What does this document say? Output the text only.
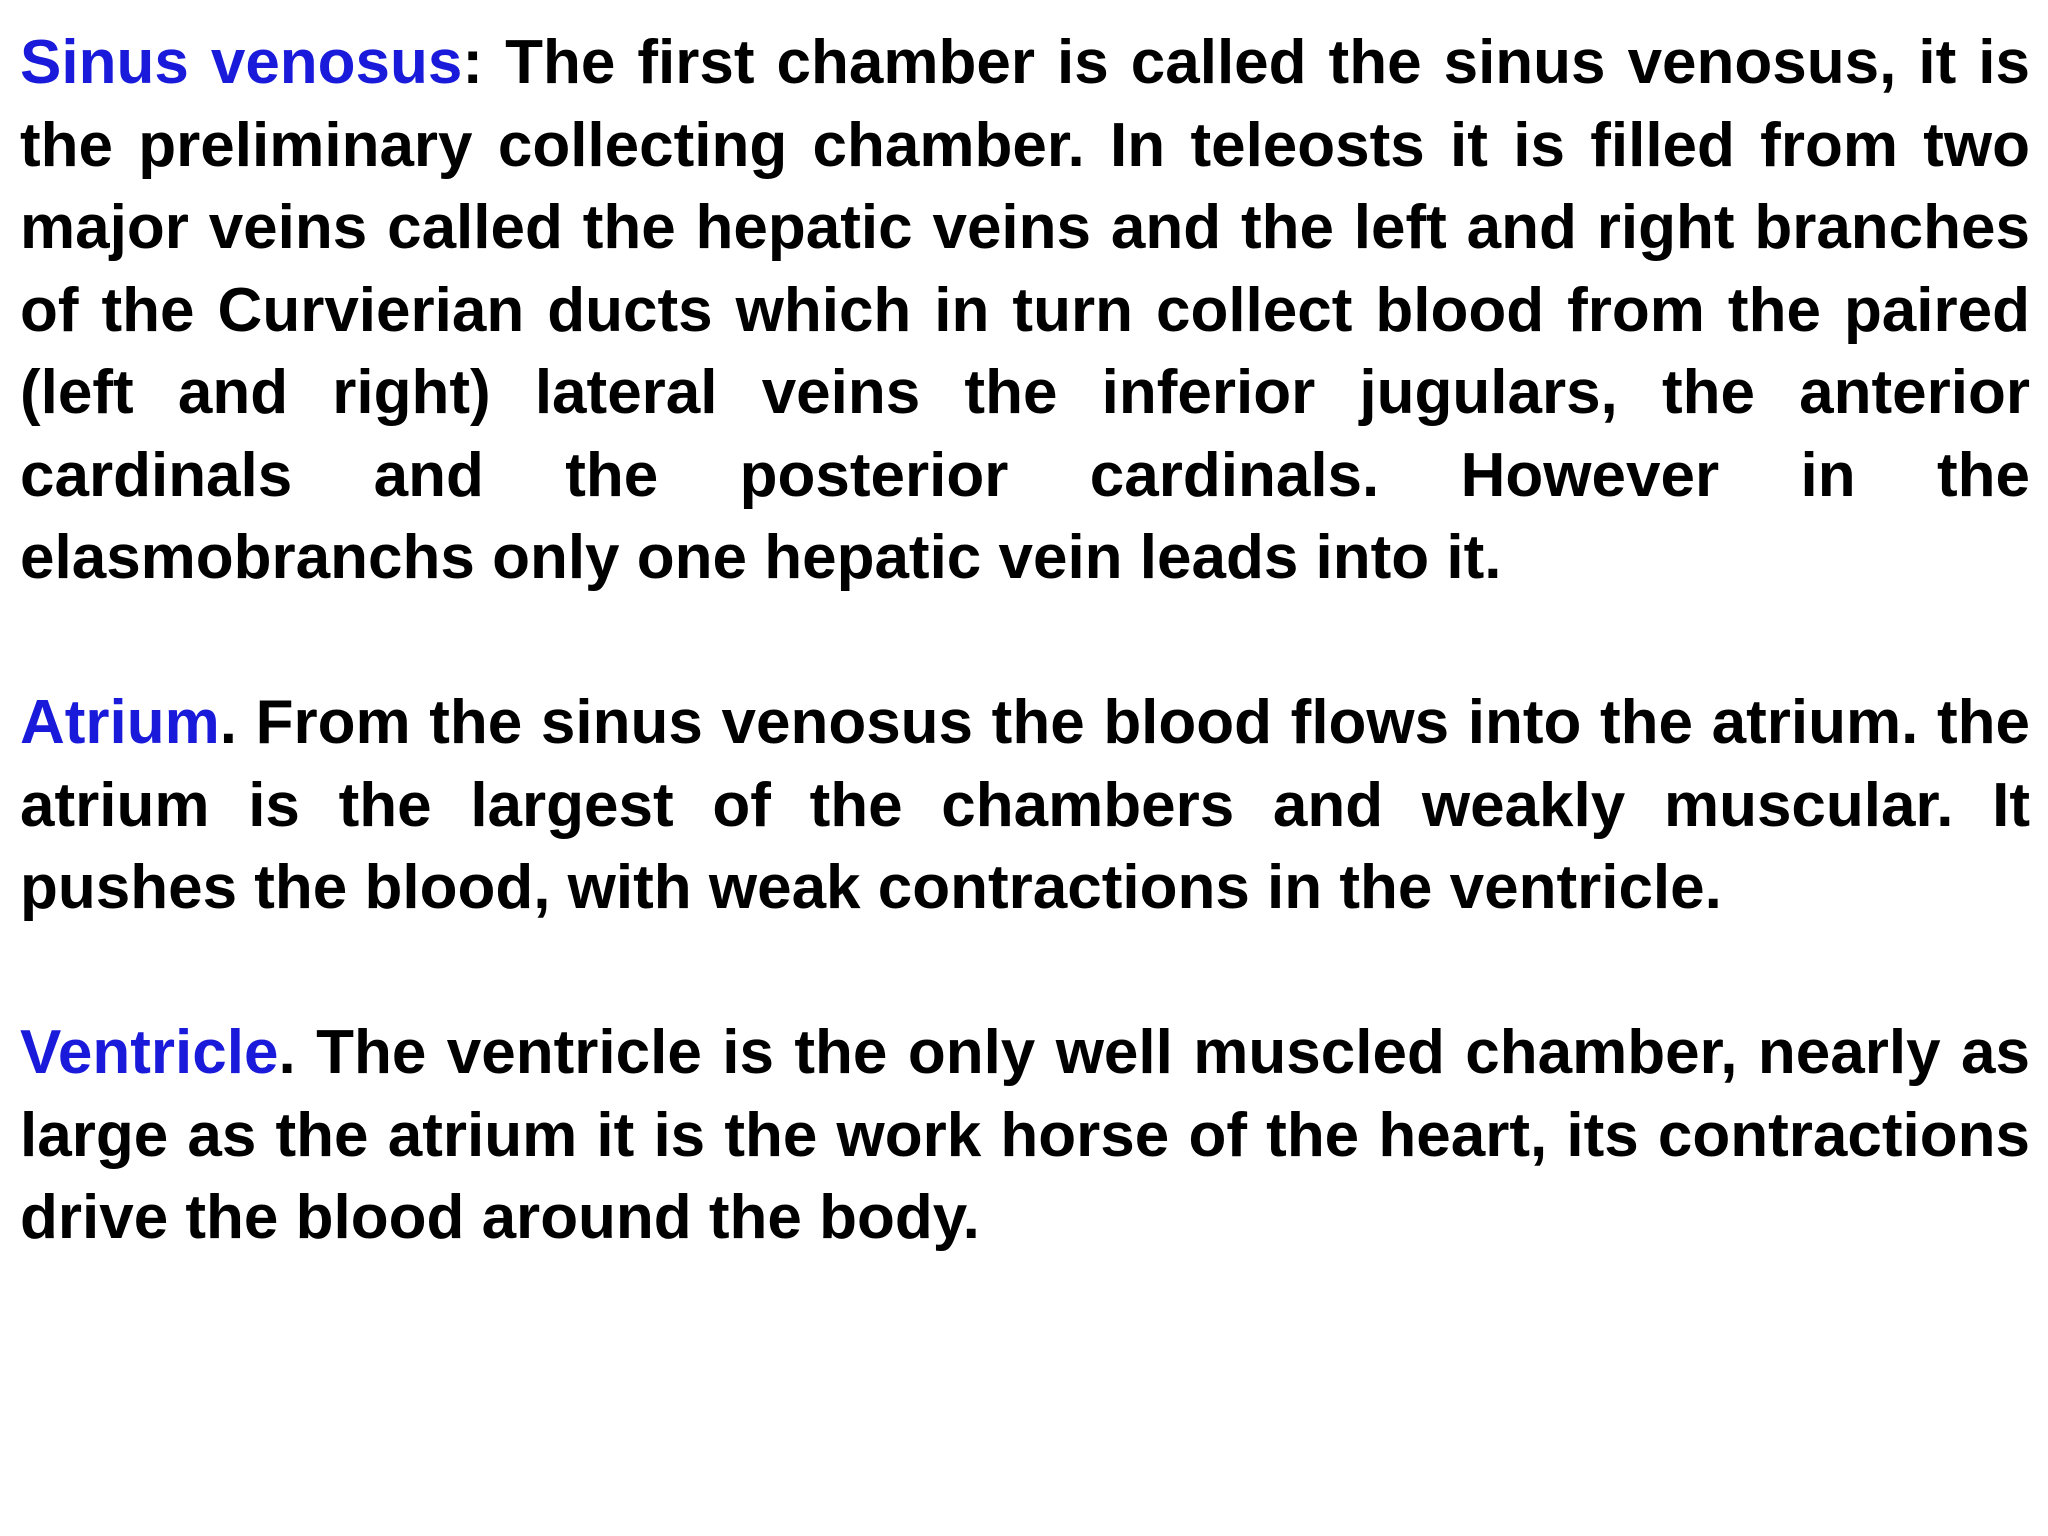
Sinus venosus: The first chamber is called the sinus venosus, it is the preliminary collecting chamber. In teleosts it is filled from two major veins called the hepatic veins and the left and right branches of the Curvierian ducts which in turn collect blood from the paired (left and right) lateral veins the inferior jugulars, the anterior cardinals and the posterior cardinals. However in the elasmobranchs only one hepatic vein leads into it.

Atrium. From the sinus venosus the blood flows into the atrium. the atrium is the largest of the chambers and weakly muscular. It pushes the blood, with weak contractions in the ventricle.

Ventricle. The ventricle is the only well muscled chamber, nearly as large as the atrium it is the work horse of the heart, its contractions drive the blood around the body.
